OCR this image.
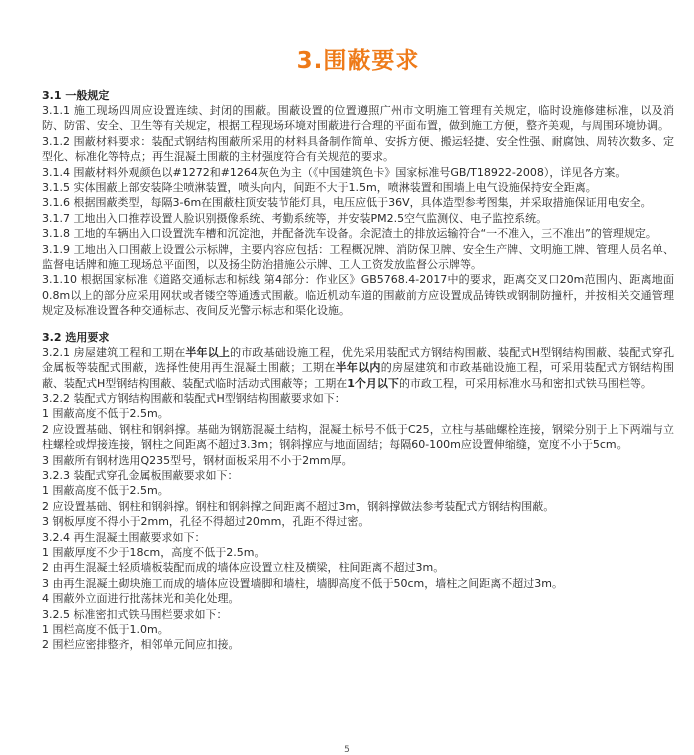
3.围蔽要求
3.1 一般规定
3.1.1 施工现场四周应设置连续、封闭的围蔽。围蔽设置的位置遵照广州市文明施工管理有关规定，临时设施修建标准，以及消防、防雷、安全、卫生等有关规定，根据工程现场环境对围蔽进行合理的平面布置，做到施工方便，整齐美观，与周围环境协调。
3.1.2 围蔽材料要求：装配式钢结构围蔽所采用的材料具备制作简单、安拆方便、搬运轻捷、安全性强、耐腐蚀、周转次数多、定型化、标准化等特点；再生混凝土围蔽的主材强度符合有关规范的要求。
3.1.4 围蔽材料外观颜色以#1272和#1264灰色为主（《中国建筑色卡》国家标准号GB/T18922-2008），详见各方案。
3.1.5 实体围蔽上部安装降尘喷淋装置，喷头向内，间距不大于1.5m，喷淋装置和围墙上电气设施保持安全距离。
3.1.6 根据围蔽类型，每隔3-6m在围蔽柱顶安装节能灯具，电压应低于36V，具体造型参考图集，并采取措施保证用电安全。
3.1.7 工地出入口推荐设置人脸识别摄像系统、考勤系统等，并安装PM2.5空气监测仪、电子监控系统。
3.1.8 工地的车辆出入口设置洗车槽和沉淀池，并配备洗车设备。余泥渣土的排放运输符合“一不准入，三不准出”的管理规定。
3.1.9 工地出入口围蔽上设置公示标牌，主要内容应包括：工程概况牌、消防保卫牌、安全生产牌、文明施工牌、管理人员名单、监督电话牌和施工现场总平面图，以及扬尘防治措施公示牌、工人工资发放监督公示牌等。
3.1.10 根据国家标准《道路交通标志和标线 第4部分：作业区》GB5768.4-2017中的要求，距离交叉口20m范围内、距离地面0.8m以上的部分应采用网状或者镂空等通透式围蔽。临近机动车道的围蔽前方应设置成品铸铁或钢制防撞杆，并按相关交通管理规定及标准设置各种交通标志、夜间反光警示标志和渠化设施。
3.2 选用要求
3.2.1 房屋建筑工程和工期在半年以上的市政基础设施工程，优先采用装配式方钢结构围蔽、装配式H型钢结构围蔽、装配式穿孔金属板等装配式围蔽，选择性使用再生混凝土围蔽；工期在半年以内的房屋建筑和市政基础设施工程，可采用装配式方钢结构围蔽、装配式H型钢结构围蔽、装配式临时活动式围蔽等；工期在1个月以下的市政工程，可采用标准水马和密扣式铁马围栏等。
3.2.2 装配式方钢结构围蔽和装配式H型钢结构围蔽要求如下：
1 围蔽高度不低于2.5m。
2 应设置基础、钢柱和钢斜撑。基础为钢筋混凝土结构，混凝土标号不低于C25，立柱与基础螺栓连接，钢梁分别于上下两端与立柱螺栓或焊接连接，钢柱之间距离不超过3.3m；钢斜撑应与地面固结；每隔60-100m应设置伸缩缝，宽度不小于5cm。
3 围蔽所有钢材选用Q235型号，钢材面板采用不小于2mm厚。
3.2.3 装配式穿孔金属板围蔽要求如下：
1 围蔽高度不低于2.5m。
2 应设置基础、钢柱和钢斜撑。钢柱和钢斜撑之间距离不超过3m，钢斜撑做法参考装配式方钢结构围蔽。
3 钢板厚度不得小于2mm，孔径不得超过20mm，孔距不得过密。
3.2.4 再生混凝土围蔽要求如下：
1 围蔽厚度不少于18cm，高度不低于2.5m。
2 由再生混凝土轻质墙板装配而成的墙体应设置立柱及横梁，柱间距离不超过3m。
3 由再生混凝土砌块施工而成的墙体应设置墙脚和墙柱，墙脚高度不低于50cm，墙柱之间距离不超过3m。
4 围蔽外立面进行批荡抹光和美化处理。
3.2.5 标准密扣式铁马围栏要求如下：
1 围栏高度不低于1.0m。
2 围栏应密排整齐，相邻单元间应扣接。
5
